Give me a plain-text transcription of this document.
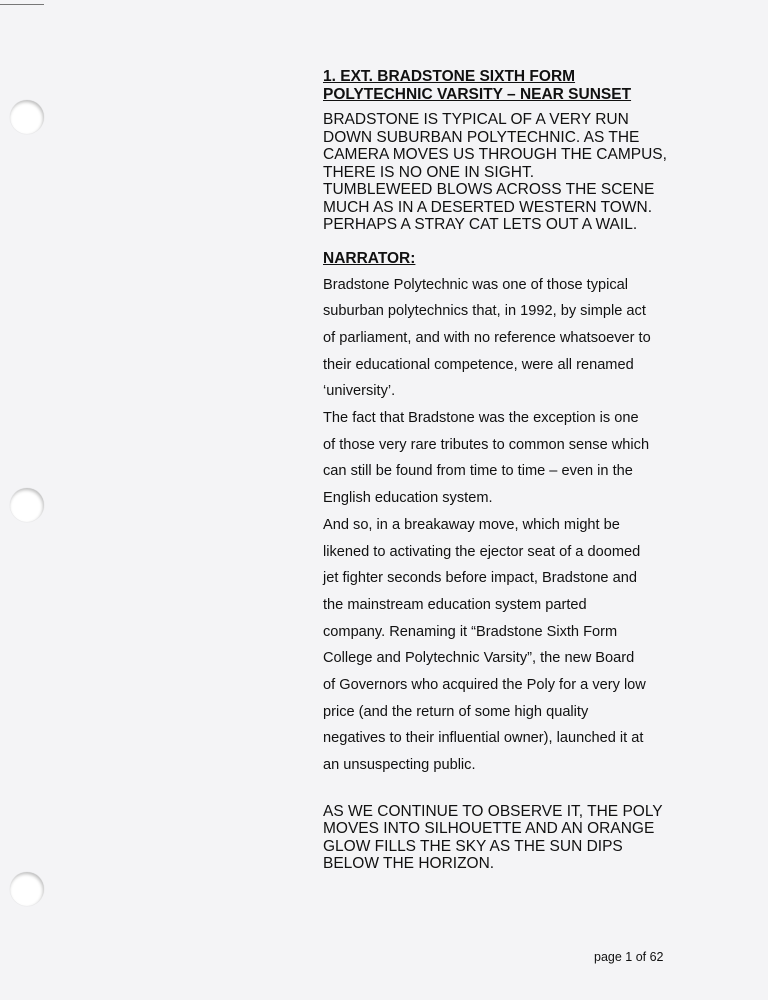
1. EXT. BRADSTONE SIXTH FORM
POLYTECHNIC VARSITY – NEAR SUNSET
BRADSTONE IS TYPICAL OF A VERY RUN
DOWN SUBURBAN POLYTECHNIC. AS THE
CAMERA MOVES US THROUGH THE CAMPUS,
THERE IS NO ONE IN SIGHT.
TUMBLEWEED BLOWS ACROSS THE SCENE
MUCH AS IN A DESERTED WESTERN TOWN.
PERHAPS A STRAY CAT LETS OUT A WAIL.
NARRATOR:
Bradstone Polytechnic was one of those typical
suburban polytechnics that, in 1992, by simple act
of parliament, and with no reference whatsoever to
their educational competence, were all renamed
‘university’.
The fact that Bradstone was the exception is one
of those very rare tributes to common sense which
can still be found from time to time – even in the
English education system.
And so, in a breakaway move, which might be
likened to activating the ejector seat of a doomed
jet fighter seconds before impact, Bradstone and
the mainstream education system parted
company. Renaming it “Bradstone Sixth Form
College and Polytechnic Varsity”, the new Board
of Governors who acquired the Poly for a very low
price (and the return of some high quality
negatives to their influential owner), launched it at
an unsuspecting public.
AS WE CONTINUE TO OBSERVE IT, THE POLY
MOVES INTO SILHOUETTE AND AN ORANGE
GLOW FILLS THE SKY AS THE SUN DIPS
BELOW THE HORIZON.
page 1 of 62
